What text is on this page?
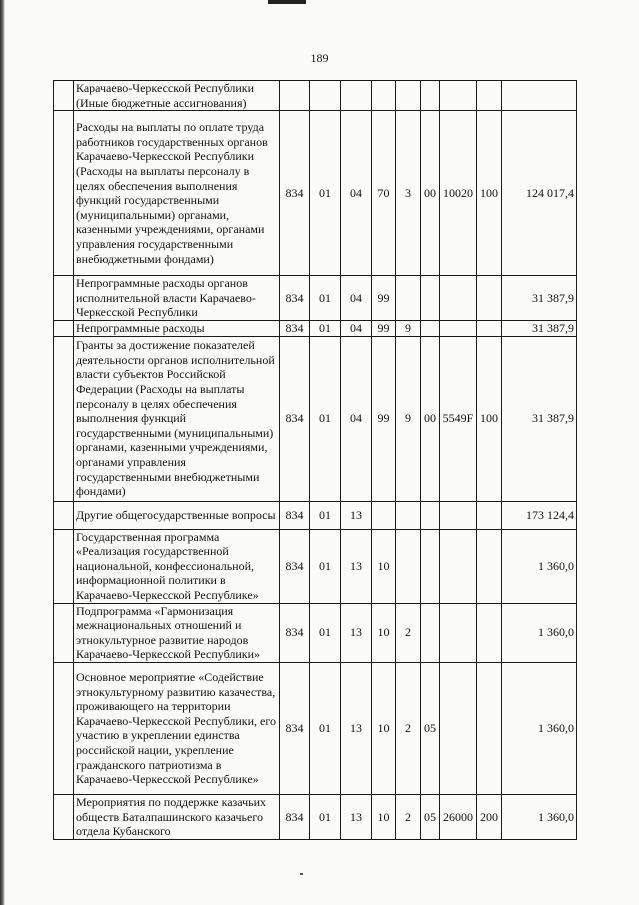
189
	Карачаево-Черкесской Республики (Иные бюджетные ассигнования)									
	Расходы на выплаты по оплате труда работников государственных органов Карачаево-Черкесской Республики (Расходы на выплаты персоналу в целях обеспечения выполнения функций государственными (муниципальными) органами, казенными учреждениями, органами управления государственными внебюджетными фондами)	834	01	04	70	3	00	10020	100	124 017,4
	Непрограммные расходы органов исполнительной власти Карачаево-Черкесской Республики	834	01	04	99					31 387,9
	Непрограммные расходы	834	01	04	99	9				31 387,9
	Гранты за достижение показателей деятельности органов исполнительной власти субъектов Российской Федерации (Расходы на выплаты персоналу в целях обеспечения выполнения функций государственными (муниципальными) органами, казенными учреждениями, органами управления государственными внебюджетными фондами)	834	01	04	99	9	00	5549F	100	31 387,9
	Другие общегосударственные вопросы	834	01	13						173 124,4
	Государственная программа «Реализация государственной национальной, конфессиональной, информационной политики в Карачаево-Черкесской Республике»	834	01	13	10					1 360,0
	Подпрограмма «Гармонизация межнациональных отношений и этнокультурное развитие народов Карачаево-Черкесской Республики»	834	01	13	10	2				1 360,0
	Основное мероприятие «Содействие этнокультурному развитию казачества, проживающего на территории Карачаево-Черкесской Республики, его участию в укреплении единства российской нации, укрепление гражданского патриотизма в Карачаево-Черкесской Республике»	834	01	13	10	2	05			1 360,0
	Мероприятия по поддержке казачьих обществ Баталпашинского казачьего отдела Кубанского	834	01	13	10	2	05	26000	200	1 360,0
